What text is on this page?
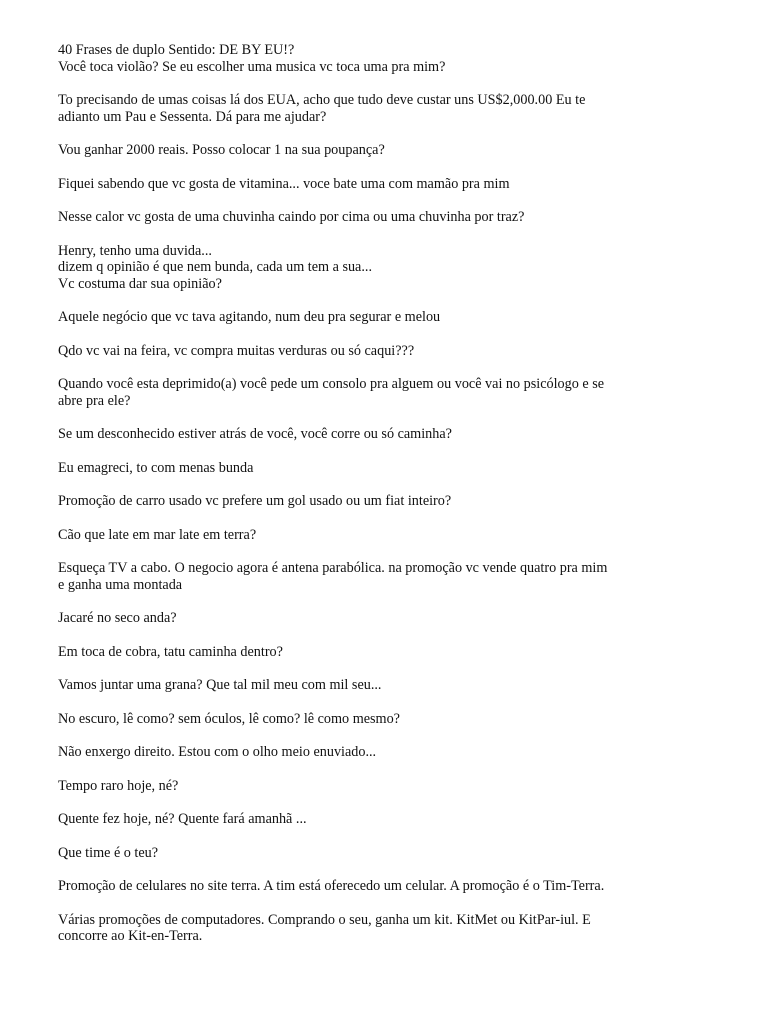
40 Frases de duplo Sentido: DE BY EU!?
Você toca violão? Se eu escolher uma musica vc toca uma pra mim?
To precisando de umas coisas lá dos EUA, acho que tudo deve custar uns US$2,000.00 Eu te
adianto um Pau e Sessenta. Dá para me ajudar?
Vou ganhar 2000 reais. Posso colocar 1 na sua poupança?
Fiquei sabendo que vc gosta de vitamina... voce bate uma com mamão pra mim
Nesse calor vc gosta de uma chuvinha caindo por cima ou uma chuvinha por traz?
Henry, tenho uma duvida...
dizem q opinião é que nem bunda, cada um tem a sua...
Vc costuma dar sua opinião?
Aquele negócio que vc tava agitando, num deu pra segurar e melou
Qdo vc vai na feira, vc compra muitas verduras ou só caqui???
Quando você esta deprimido(a) você pede um consolo pra alguem ou você vai no psicólogo e se
abre pra ele?
Se um desconhecido estiver atrás de você, você corre ou só caminha?
Eu emagreci, to com menas bunda
Promoção de carro usado vc prefere um gol usado ou um fiat inteiro?
Cão que late em mar late em terra?
Esqueça TV a cabo. O negocio agora é antena parabólica. na promoção vc vende quatro pra mim
e ganha uma montada
Jacaré no seco anda?
Em toca de cobra, tatu caminha dentro?
Vamos juntar uma grana? Que tal mil meu com mil seu...
No escuro, lê como? sem óculos, lê como? lê como mesmo?
Não enxergo direito. Estou com o olho meio enuviado...
Tempo raro hoje, né?
Quente fez hoje, né? Quente fará amanhã ...
Que time é o teu?
Promoção de celulares no site terra. A tim está oferecedo um celular. A promoção é o Tim-Terra.
Várias promoções de computadores. Comprando o seu, ganha um kit. KitMet ou KitPar-iul. E
concorre ao Kit-en-Terra.
